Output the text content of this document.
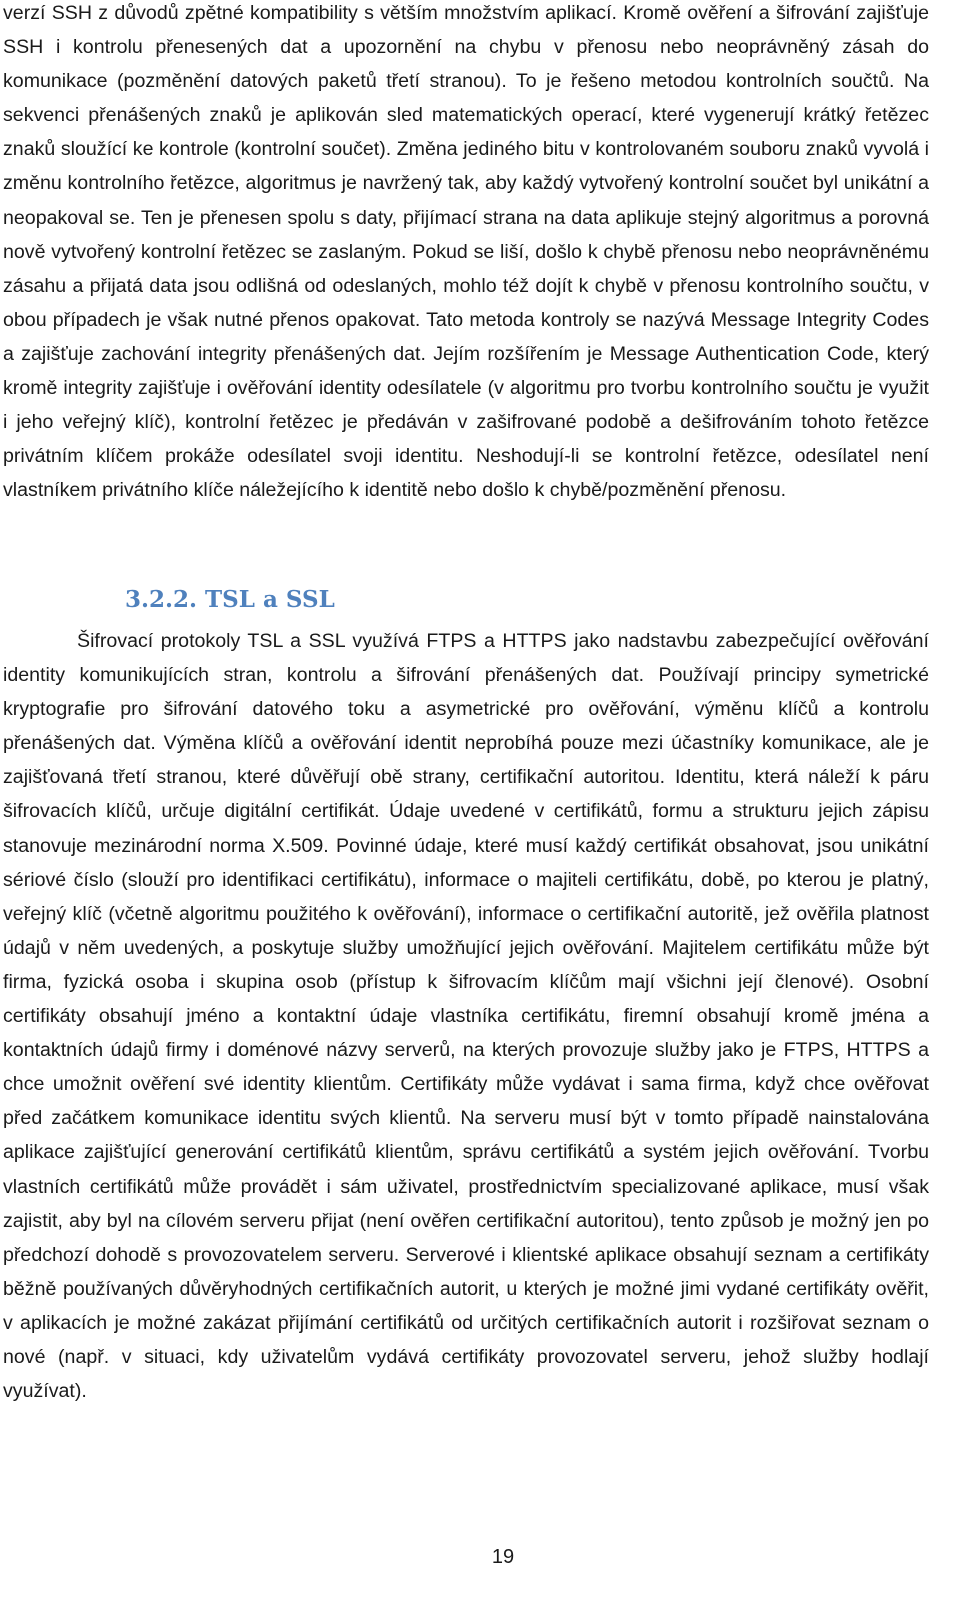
verzí SSH z důvodů zpětné kompatibility s větším množstvím aplikací. Kromě ověření a šifrování zajišťuje SSH i kontrolu přenesených dat a upozornění na chybu v přenosu nebo neoprávněný zásah do komunikace (pozměnění datových paketů třetí stranou). To je řešeno metodou kontrolních součtů. Na sekvenci přenášených znaků je aplikován sled matematických operací, které vygenerují krátký řetězec znaků sloužící ke kontrole (kontrolní součet). Změna jediného bitu v kontrolovaném souboru znaků vyvolá i změnu kontrolního řetězce, algoritmus je navržený tak, aby každý vytvořený kontrolní součet byl unikátní a neopakoval se. Ten je přenesen spolu s daty, přijímací strana na data aplikuje stejný algoritmus a porovná nově vytvořený kontrolní řetězec se zaslaným. Pokud se liší, došlo k chybě přenosu nebo neoprávněnému zásahu a přijatá data jsou odlišná od odeslaných, mohlo též dojít k chybě v přenosu kontrolního součtu, v obou případech je však nutné přenos opakovat. Tato metoda kontroly se nazývá Message Integrity Codes a zajišťuje zachování integrity přenášených dat. Jejím rozšířením je Message Authentication Code, který kromě integrity zajišťuje i ověřování identity odesílatele (v algoritmu pro tvorbu kontrolního součtu je využit i jeho veřejný klíč), kontrolní řetězec je předáván v zašifrované podobě a dešifrováním tohoto řetězce privátním klíčem prokáže odesílatel svoji identitu. Neshodují-li se kontrolní řetězce, odesílatel není vlastníkem privátního klíče náležejícího k identitě nebo došlo k chybě/pozměnění přenosu.

3.2.2. TSL a SSL

Šifrovací protokoly TSL a SSL využívá FTPS a HTTPS jako nadstavbu zabezpečující ověřování identity komunikujících stran, kontrolu a šifrování přenášených dat. Používají principy symetrické kryptografie pro šifrování datového toku a asymetrické pro ověřování, výměnu klíčů a kontrolu přenášených dat. Výměna klíčů a ověřování identit neprobíhá pouze mezi účastníky komunikace, ale je zajišťovaná třetí stranou, které důvěřují obě strany, certifikační autoritou. Identitu, která náleží k páru šifrovacích klíčů, určuje digitální certifikát. Údaje uvedené v certifikátů, formu a strukturu jejich zápisu stanovuje mezinárodní norma X.509. Povinné údaje, které musí každý certifikát obsahovat, jsou unikátní sériové číslo (slouží pro identifikaci certifikátu), informace o majiteli certifikátu, době, po kterou je platný, veřejný klíč (včetně algoritmu použitého k ověřování), informace o certifikační autoritě, jež ověřila platnost údajů v něm uvedených, a poskytuje služby umožňující jejich ověřování. Majitelem certifikátu může být firma, fyzická osoba i skupina osob (přístup k šifrovacím klíčům mají všichni její členové). Osobní certifikáty obsahují jméno a kontaktní údaje vlastníka certifikátu, firemní obsahují kromě jména a kontaktních údajů firmy i doménové názvy serverů, na kterých provozuje služby jako je FTPS, HTTPS a chce umožnit ověření své identity klientům. Certifikáty může vydávat i sama firma, když chce ověřovat před začátkem komunikace identitu svých klientů. Na serveru musí být v tomto případě nainstalována aplikace zajišťující generování certifikátů klientům, správu certifikátů a systém jejich ověřování. Tvorbu vlastních certifikátů může provádět i sám uživatel, prostřednictvím specializované aplikace, musí však zajistit, aby byl na cílovém serveru přijat (není ověřen certifikační autoritou), tento způsob je možný jen po předchozí dohodě s provozovatelem serveru. Serverové i klientské aplikace obsahují seznam a certifikáty běžně používaných důvěryhodných certifikačních autorit, u kterých je možné jimi vydané certifikáty ověřit, v aplikacích je možné zakázat přijímání certifikátů od určitých certifikačních autorit i rozšiřovat seznam o nové (např. v situaci, kdy uživatelům vydává certifikáty provozovatel serveru, jehož služby hodlají využívat).

19
